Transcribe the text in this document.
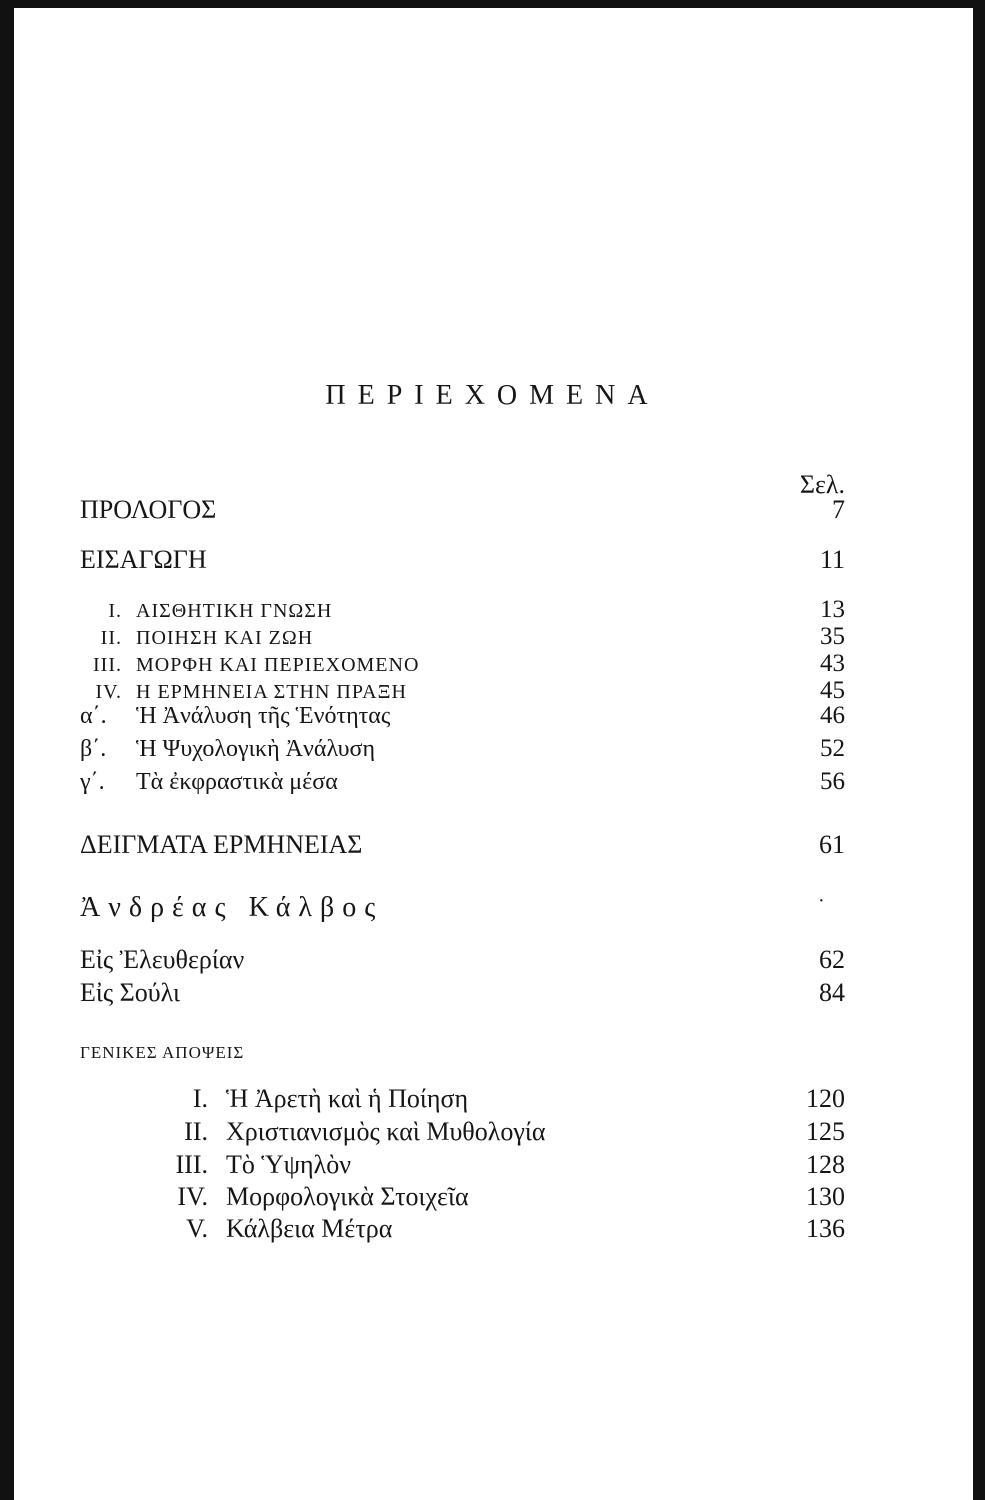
ΠΕΡΙΕΧΟΜΕΝΑ
Σελ.
ΠΡΟΛΟΓΟΣ	7
ΕΙΣΑΓΩΓΗ	11
I. ΑΙΣΘΗΤΙΚΗ ΓΝΩΣΗ	13
II. ΠΟΙΗΣΗ ΚΑΙ ΖΩΗ	35
III. ΜΟΡΦΗ ΚΑΙ ΠΕΡΙΕΧΟΜΕΝΟ	43
IV. Η ΕΡΜΗΝΕΙΑ ΣΤΗΝ ΠΡΑΞΗ	45
α΄. Ἡ Ἀνάλυση τῆς Ἑνότητας	46
β΄. Ἡ Ψυχολογικὴ Ἀνάλυση	52
γ΄. Τὰ ἐκφραστικὰ μέσα	56
ΔΕΙΓΜΑΤΑ ΕΡΜΗΝΕΙΑΣ	61
Ἀνδρέας Κάλβος	·
Εἰς Ἐλευθερίαν	62
Εἰς Σούλι	84
ΓΕΝΙΚΕΣ ΑΠΟΨΕΙΣ
I. Ἡ Ἀρετὴ καὶ ἡ Ποίηση	120
II. Χριστιανισμὸς καὶ Μυθολογία	125
III. Τὸ Ὑψηλὸν	128
IV. Μορφολογικὰ Στοιχεῖα	130
V. Κάλβεια Μέτρα	136
